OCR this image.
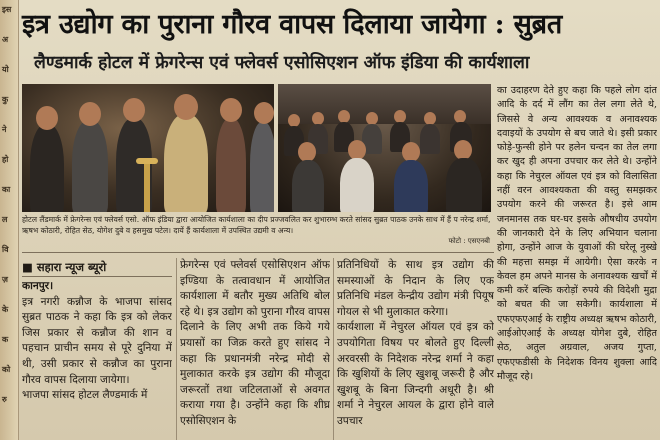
इस
अ
यो
कु
ने
हो
का
ल
वि
ज़
के
क
को
रु
इत्र उद्योग का पुराना गौरव वापस दिलाया जायेगा : सुब्रत
लैण्डमार्क होटल में फ्रेगरेन्स एवं फ्लेवर्स एसोसिएशन ऑफ इंडिया की कार्यशाला
होटल लैंडमार्क में फ्रेगरेन्स एवं फ्लेवर्स एसो. ऑफ इंडिया द्वारा आयोजित कार्यशाला का दीप प्रज्जवलित कर शुभारम्भ करते सांसद सुब्रत पाठक उनके साथ में हैं प नरेन्द्र शर्मा, ऋषभ कोठारी, रोहित सेठ, योगेश दुबे व हसमुख पटेल। दायें हैं कार्यशाला में उपस्थित उद्यमी व अन्य।
फोटो : एसएनबी
■ सहारा न्यूज ब्यूरो

कानपुर।

इत्र नगरी कन्नौज के भाजपा सांसद सुब्रत पाठक ने कहा कि इत्र को लेकर जिस प्रकार से कन्नौज की शान व पहचान प्राचीन समय से पूरे दुनिया में थी, उसी प्रकार से कन्नौज का पुराना गौरव वापस दिलाया जायेगा।

भाजपा सांसद होटल लैण्डमार्क में

फ्रेगरेन्स एवं फ्लेवर्स एसोसिएशन ऑफ इण्डिया के तत्वावधान में आयोजित कार्यशाला में बतौर मुख्य अतिथि बोल रहे थे। इत्र उद्योग को पुराना गौरव वापस दिलाने के लिए अभी तक किये गये प्रयासों का जिक्र करते हुए सांसद ने कहा कि प्रधानमंत्री नरेन्द्र मोदी से मुलाकात करके इत्र उद्योग की मौजूदा जरूरतों तथा जटिलताओं से अवगत कराया गया है। उन्होंने कहा कि शीघ्र एसोसिएशन के

प्रतिनिधियों के साथ इत्र उद्योग की समस्याओं के निदान के लिए एक प्रतिनिधि मंडल केन्द्रीय उद्योग मंत्री पियूष गोयल से भी मुलाकात करेगा।

कार्यशाला में नेचुरल ऑयल एवं इत्र को उपयोगिता विषय पर बोलते हुए दिल्ली अरवरसी के निदेशक नरेन्द्र शर्मा ने कहा कि खुशियों के लिए खुशबू जरूरी है और खुशबू के बिना जिन्दगी अधूरी है। श्री शर्मा ने नेचुरल आयल के द्वारा होने वाले उपचार

का उदाहरण देते हुए कहा कि पहले लोग दांत आदि के दर्द में लौंग का तेल लगा लेते थे, जिससे वे अन्य आवश्यक व अनावश्यक दवाइयों के उपयोग से बच जाते थे। इसी प्रकार फोड़े-फुन्सी होने पर हलेन चन्दन का तेल लगा कर खुद ही अपना उपचार कर लेते थे। उन्होंने कहा कि नेचुरल ऑयल एवं इत्र को विलासिता नहीं वरन आवश्यकता की वस्तु समझकर उपयोग करने की जरूरत है। इसे आम जनमानस तक घर-घर इसके औषधीय उपयोग की जानकारी देने के लिए अभियान चलाना होगा, उन्होंने आज के युवाओं की घरेलू नुस्खे की महत्ता समझ में आयेगी। ऐसा करके न केवल हम अपने मानस के अनावश्यक खर्चों में कमी करें बल्कि करोड़ों रुपये की विदेशी मुद्रा को बचत की जा सकेगी। कार्यशाला में एफएफएआई के राष्ट्रीय अध्यक्ष ऋषभ कोठारी, आईओएआई के अध्यक्ष योगेश दुबे, रोहित सेठ, अतुल अग्रवाल, अजय गुप्ता, एफएफडीसी के निदेशक विनय शुक्ला आदि मौजूद रहे।
